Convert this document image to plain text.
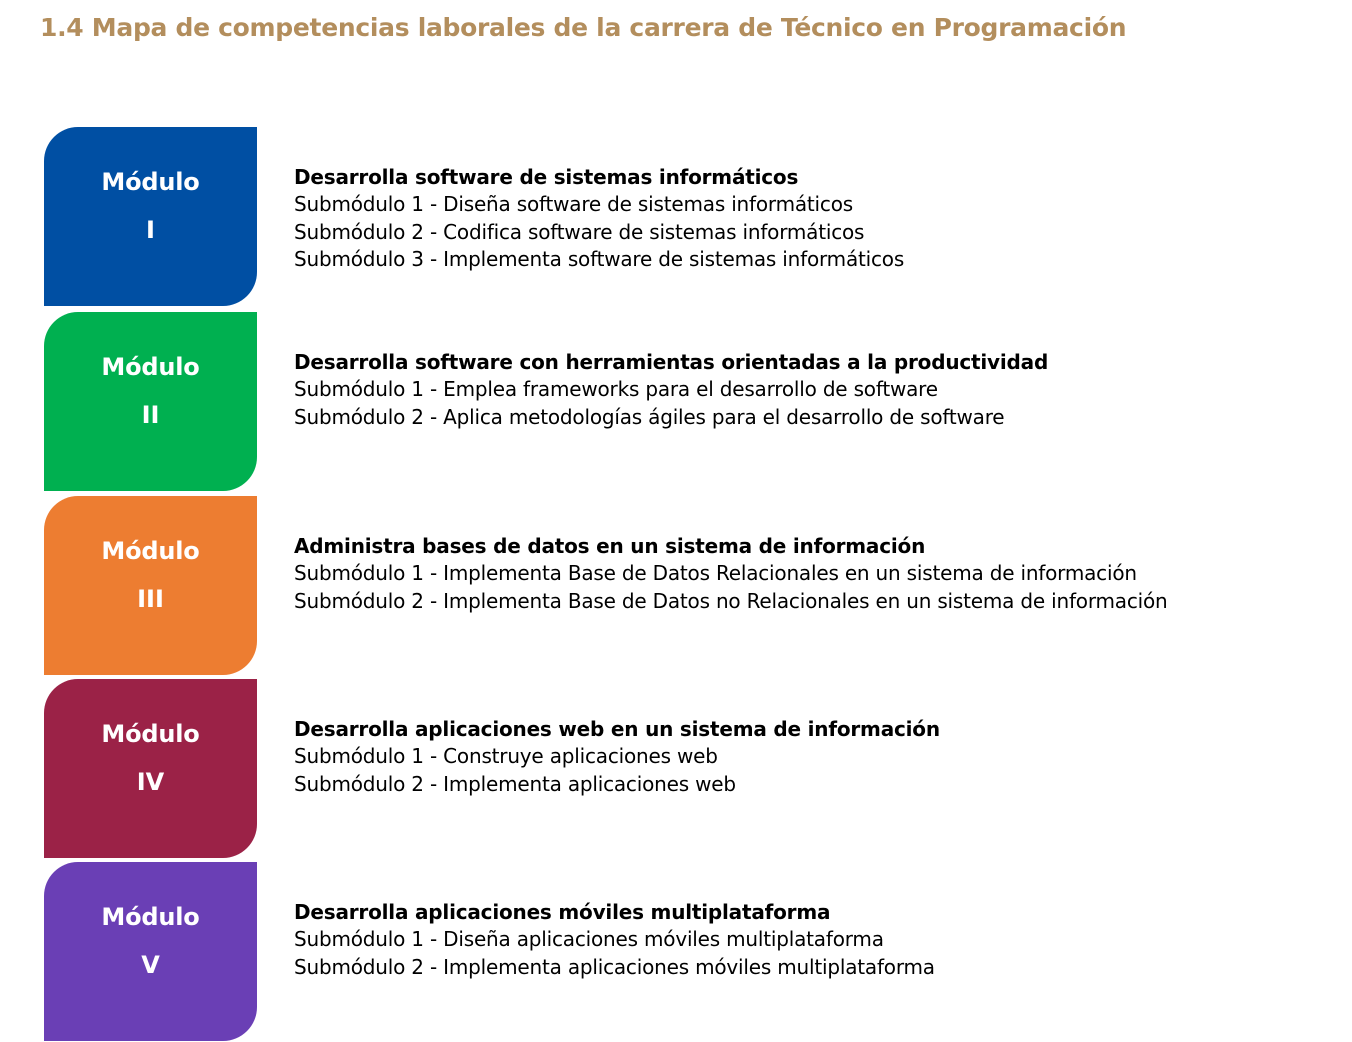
1.4 Mapa de competencias laborales de la carrera de Técnico en Programación
Módulo
I
Desarrolla software de sistemas informáticos
Submódulo 1 - Diseña software de sistemas informáticos
Submódulo 2 - Codifica software de sistemas informáticos
Submódulo 3 - Implementa software de sistemas informáticos
Módulo
II
Desarrolla software con herramientas orientadas a la productividad
Submódulo 1 - Emplea frameworks para el desarrollo de software
Submódulo 2 - Aplica metodologías ágiles para el desarrollo de software
Módulo
III
Administra bases de datos en un sistema de información
Submódulo 1 - Implementa Base de Datos Relacionales en un sistema de información
Submódulo 2 - Implementa Base de Datos no Relacionales en un sistema de información
Módulo
IV
Desarrolla aplicaciones web en un sistema de información
Submódulo 1 - Construye aplicaciones web
Submódulo 2 - Implementa aplicaciones web
Módulo
V
Desarrolla aplicaciones móviles multiplataforma
Submódulo 1 - Diseña aplicaciones móviles multiplataforma
Submódulo 2 - Implementa aplicaciones móviles multiplataforma
